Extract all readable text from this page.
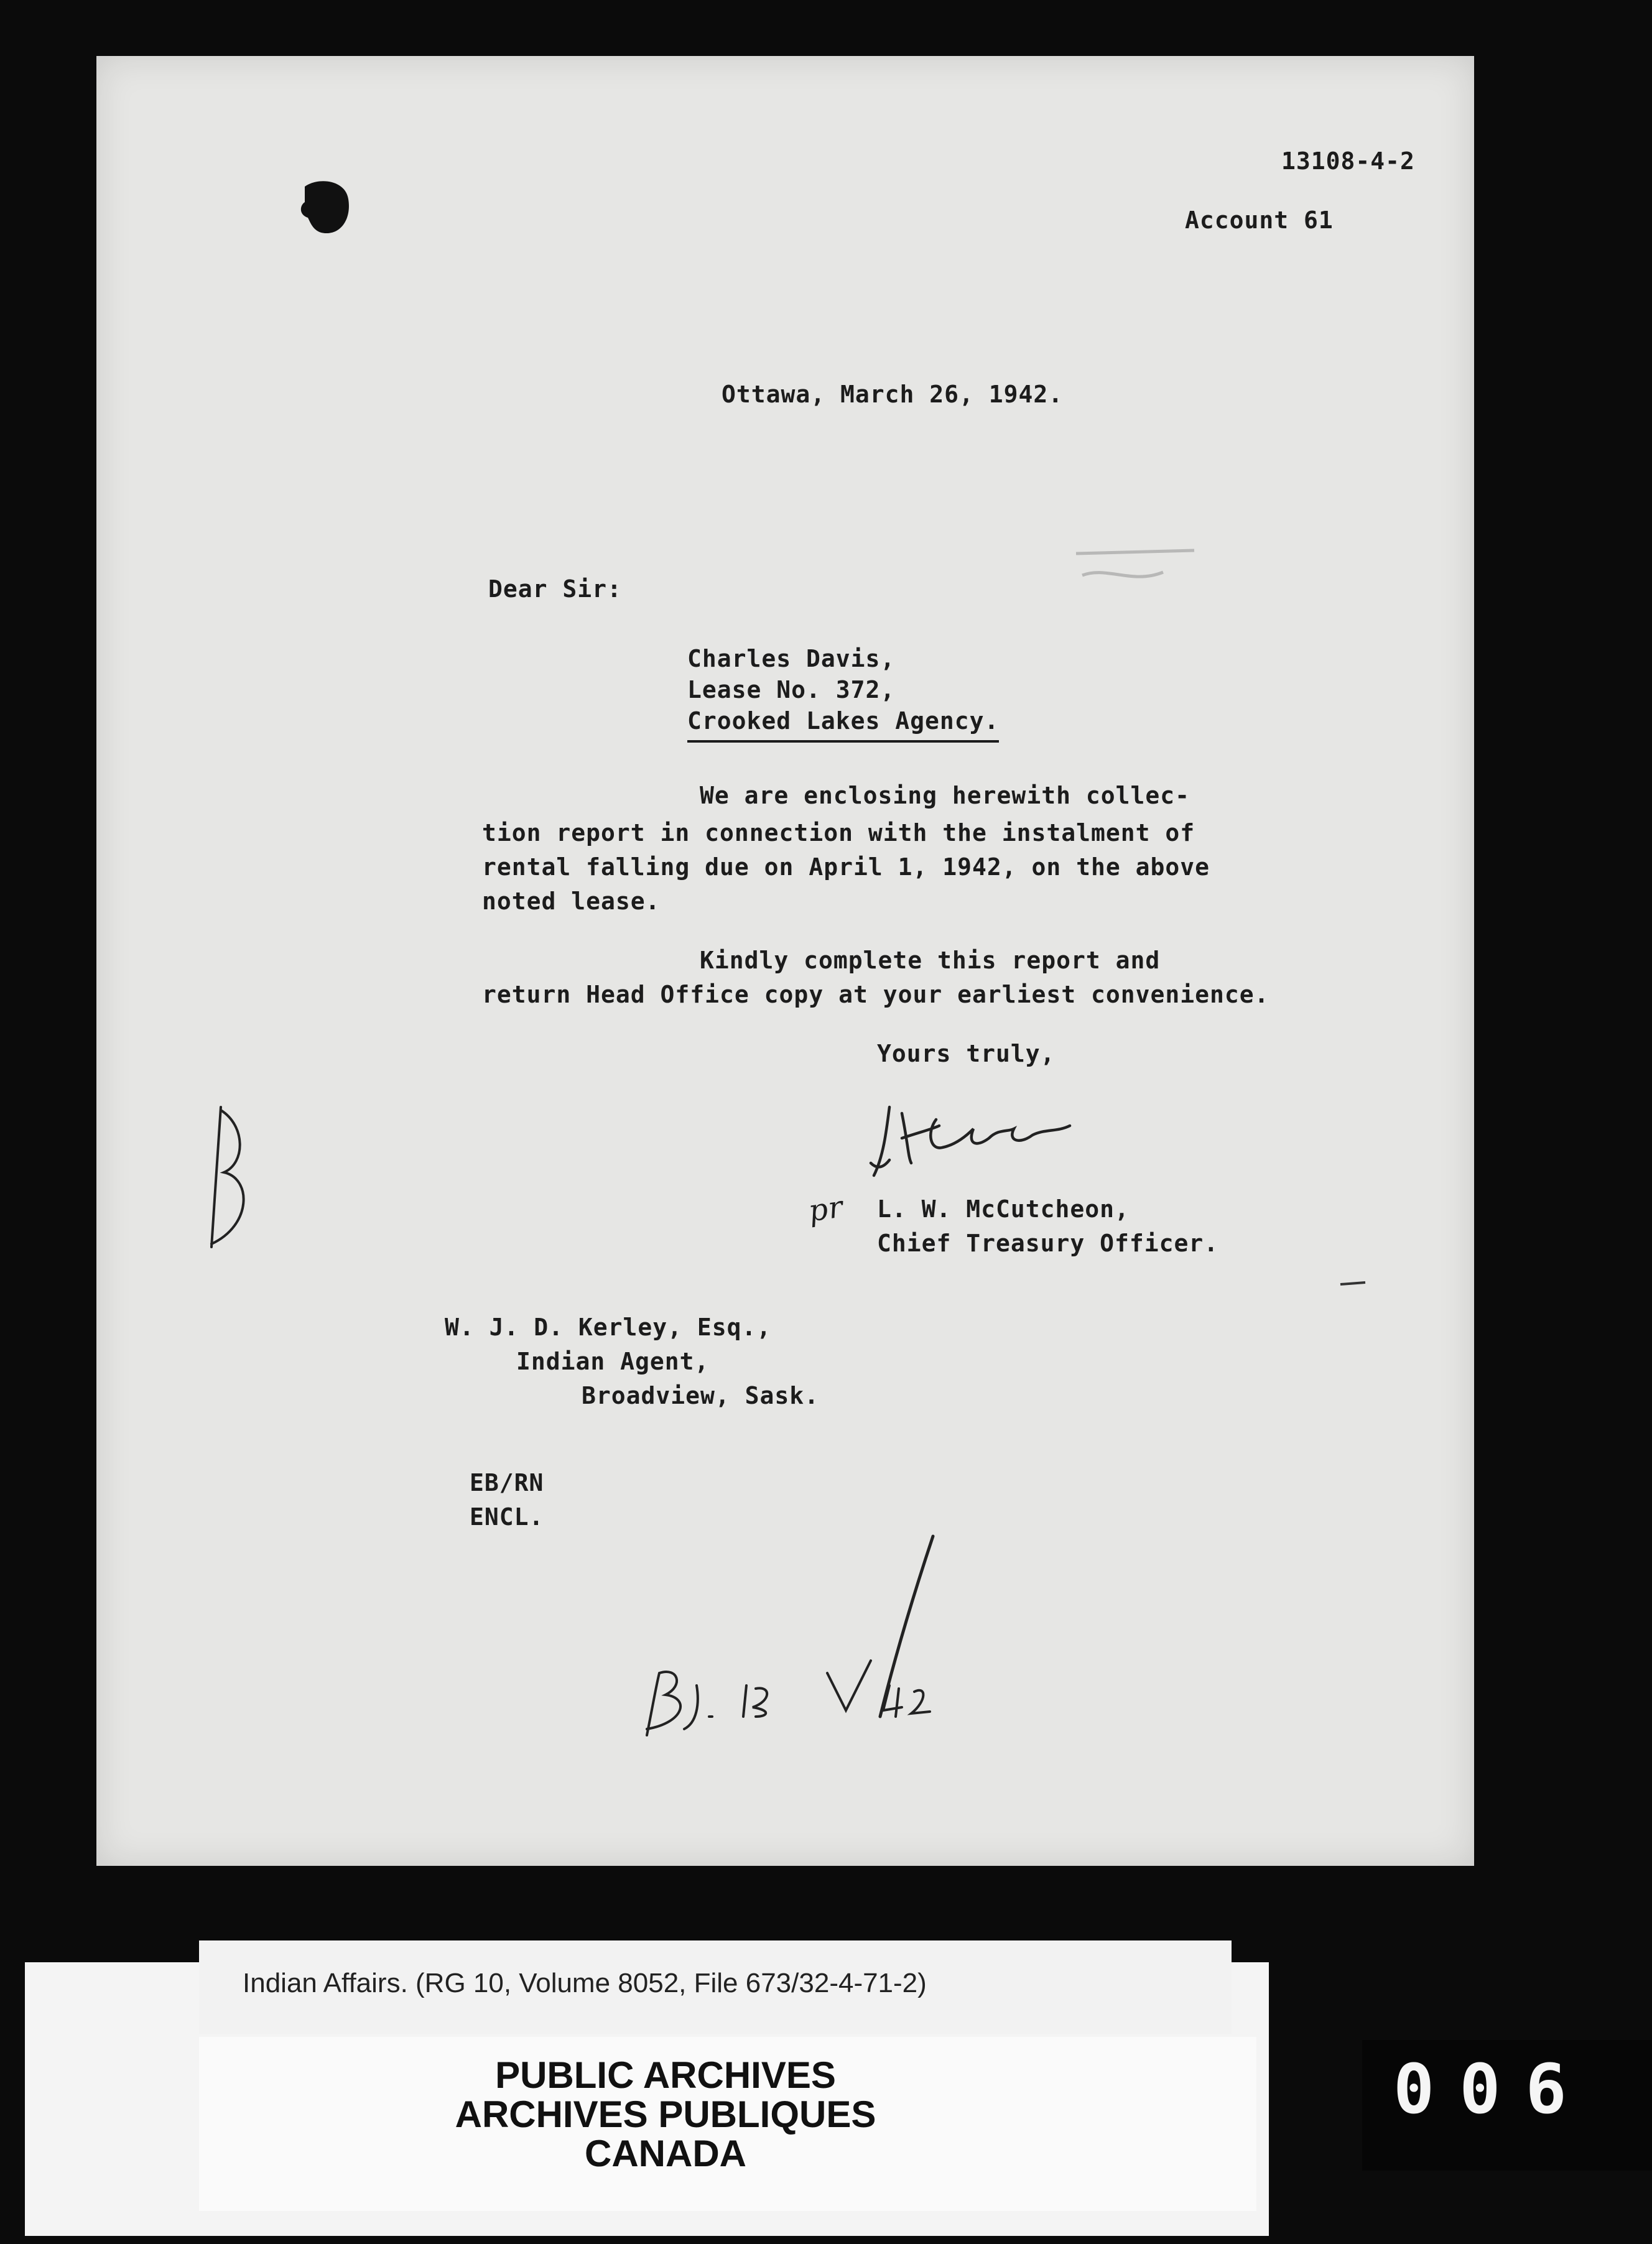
13108-4-2
Account 61
Ottawa, March 26, 1942.
Dear Sir:
Charles Davis,
Lease No. 372,
Crooked Lakes Agency.
We are enclosing herewith collec-
tion report in connection with the instalment of
rental falling due on April 1, 1942, on the above
noted lease.
Kindly complete this report and
return Head Office copy at your earliest convenience.
Yours truly,
pr L. W. McCutcheon,
Chief Treasury Officer.
W. J. D. Kerley, Esq.,
Indian Agent,
Broadview, Sask.
EB/RN
ENCL.
Indian Affairs. (RG 10, Volume 8052, File 673/32-4-71-2)
PUBLIC ARCHIVES
ARCHIVES PUBLIQUES
CANADA
006
